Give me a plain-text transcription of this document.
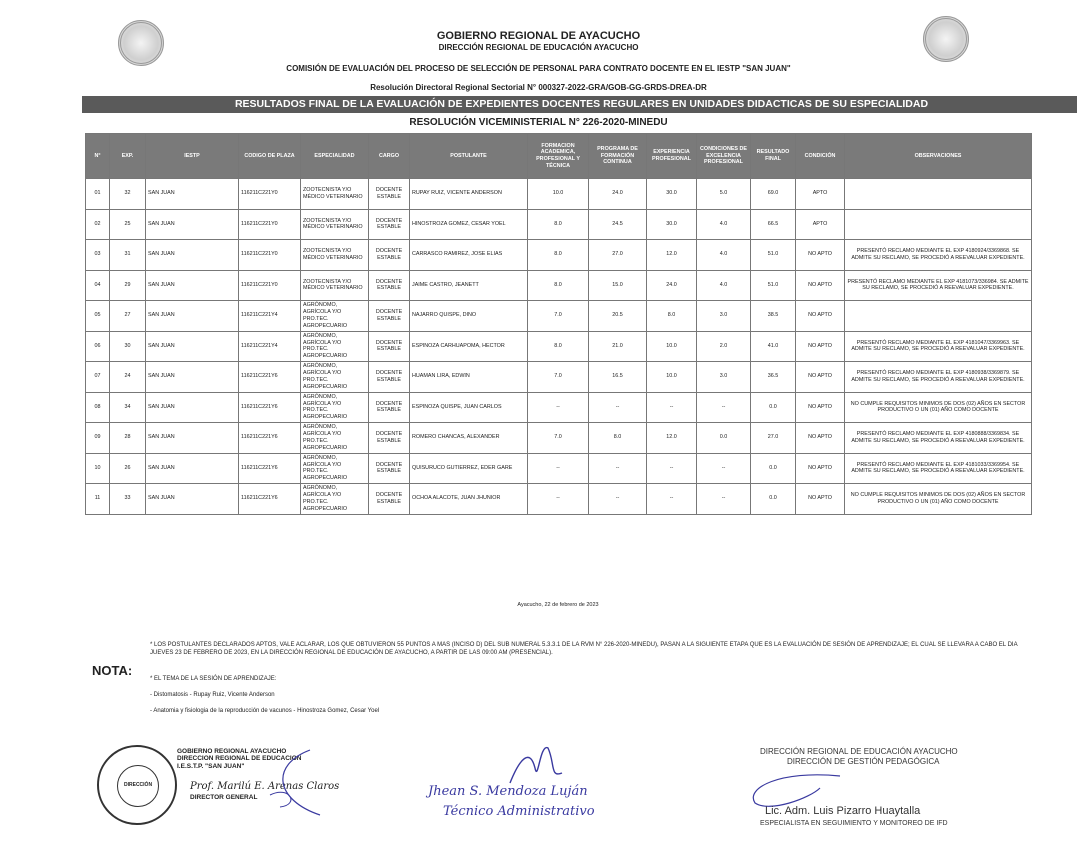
GOBIERNO REGIONAL DE AYACUCHO
DIRECCIÓN REGIONAL DE EDUCACIÓN AYACUCHO
COMISIÓN DE EVALUACIÓN DEL PROCESO DE SELECCIÓN DE PERSONAL PARA CONTRATO DOCENTE EN EL IESTP "SAN JUAN"
Resolución Directoral Regional Sectorial N° 000327-2022-GRA/GOB-GG-GRDS-DREA-DR
RESULTADOS FINAL DE LA EVALUACIÓN DE EXPEDIENTES DOCENTES REGULARES EN UNIDADES DIDACTICAS DE SU ESPECIALIDAD
RESOLUCIÓN VICEMINISTERIAL N° 226-2020-MINEDU
N°	EXP.	IESTP	CODIGO DE PLAZA	ESPECIALIDAD	CARGO	POSTULANTE	FORMACION ACADEMICA, PROFESIONAL Y TÉCNICA	PROGRAMA DE FORMACIÓN CONTINUA	EXPERIENCIA PROFESIONAL	CONDICIONES DE EXCELENCIA PROFESIONAL	RESULTADO FINAL	CONDICIÓN	OBSERVACIONES
01	32	SAN JUAN	116211C221Y0	ZOOTECNISTA Y/O MÉDICO VETERINARIO	DOCENTE ESTABLE	RUPAY RUIZ, VICENTE ANDERSON	10.0	24.0	30.0	5.0	69.0	APTO	
02	25	SAN JUAN	116211C221Y0	ZOOTECNISTA Y/O MÉDICO VETERINARIO	DOCENTE ESTABLE	HINOSTROZA GOMEZ, CESAR YOEL	8.0	24.5	30.0	4.0	66.5	APTO	
03	31	SAN JUAN	116211C221Y0	ZOOTECNISTA Y/O MÉDICO VETERINARIO	DOCENTE ESTABLE	CARRASCO RAMIREZ, JOSE ELIAS	8.0	27.0	12.0	4.0	51.0	NO APTO	PRESENTÓ RECLAMO MEDIANTE EL EXP 4180924/3369868. SE ADMITE SU RECLAMO, SE PROCEDIÓ A REEVALUAR EXPEDIENTE.
04	29	SAN JUAN	116211C221Y0	ZOOTECNISTA Y/O MÉDICO VETERINARIO	DOCENTE ESTABLE	JAIME CASTRO, JEANETT	8.0	15.0	24.0	4.0	51.0	NO APTO	PRESENTÓ RECLAMO MEDIANTE EL EXP 4181073/336984. SE ADMITE SU RECLAMO, SE PROCEDIÓ A REEVALUAR EXPEDIENTE.
05	27	SAN JUAN	116211C221Y4	AGRÓNOMO, AGRÍCOLA Y/O PRO.TEC. AGROPECUARIO	DOCENTE ESTABLE	NAJARRO QUISPE, DINO	7.0	20.5	8.0	3.0	38.5	NO APTO	
06	30	SAN JUAN	116211C221Y4	AGRÓNOMO, AGRÍCOLA Y/O PRO.TEC. AGROPECUARIO	DOCENTE ESTABLE	ESPINOZA CARHUAPOMA, HECTOR	8.0	21.0	10.0	2.0	41.0	NO APTO	PRESENTÓ RECLAMO MEDIANTE EL EXP 4181047/3369963. SE ADMITE SU RECLAMO, SE PROCEDIÓ A REEVALUAR EXPEDIENTE.
07	24	SAN JUAN	116211C221Y6	AGRÓNOMO, AGRÍCOLA Y/O PRO.TEC. AGROPECUARIO	DOCENTE ESTABLE	HUAMAN LIRA, EDWIN	7.0	16.5	10.0	3.0	36.5	NO APTO	PRESENTÓ RECLAMO MEDIANTE EL EXP 4180938/3369879. SE ADMITE SU RECLAMO, SE PROCEDIÓ A REEVALUAR EXPEDIENTE.
08	34	SAN JUAN	116211C221Y6	AGRÓNOMO, AGRÍCOLA Y/O PRO.TEC. AGROPECUARIO	DOCENTE ESTABLE	ESPINOZA QUISPE, JUAN CARLOS	--	--	--	--	0.0	NO APTO	NO CUMPLE REQUISITOS MINIMOS DE DOS (02) AÑOS EN SECTOR PRODUCTIVO O UN (01) AÑO COMO DOCENTE
09	28	SAN JUAN	116211C221Y6	AGRÓNOMO, AGRÍCOLA Y/O PRO.TEC. AGROPECUARIO	DOCENTE ESTABLE	ROMERO CHANCAS, ALEXANDER	7.0	8.0	12.0	0.0	27.0	NO APTO	PRESENTÓ RECLAMO MEDIANTE EL EXP 4180888/3369834. SE ADMITE SU RECLAMO, SE PROCEDIÓ A REEVALUAR EXPEDIENTE.
10	26	SAN JUAN	116211C221Y6	AGRÓNOMO, AGRÍCOLA Y/O PRO.TEC. AGROPECUARIO	DOCENTE ESTABLE	QUISURUCO GUTIERREZ, EDER GARE	--	--	--	--	0.0	NO APTO	PRESENTÓ RECLAMO MEDIANTE EL EXP 4181033/3369954. SE ADMITE SU RECLAMO, SE PROCEDIÓ A REEVALUAR EXPEDIENTE.
11	33	SAN JUAN	116211C221Y6	AGRÓNOMO, AGRÍCOLA Y/O PRO.TEC. AGROPECUARIO	DOCENTE ESTABLE	OCHOA ALACOTE, JUAN JHUNIOR	--	--	--	--	0.0	NO APTO	NO CUMPLE REQUISITOS MINIMOS DE DOS (02) AÑOS EN SECTOR PRODUCTIVO O UN (01) AÑO COMO DOCENTE
Ayacucho, 22 de febrero de 2023
* LOS POSTULANTES DECLARADOS APTOS, VALE ACLARAR, LOS QUE OBTUVIERON 55 PUNTOS A MAS (INCISO D) DEL SUB NUMERAL 5.3.3.1 DE LA RVM N° 226-2020-MINEDU), PASAN A LA SIGUIENTE ETAPA QUE ES LA EVALUACIÓN DE SESIÓN DE APRENDIZAJE; EL CUAL SE LLEVARA A CABO EL DIA JUEVES 23 DE FEBRERO DE 2023, EN LA DIRECCIÓN REGIONAL DE EDUCACIÓN DE AYACUCHO, A PARTIR DE LAS 09:00 AM (PRESENCIAL).
NOTA:
* EL TEMA DE LA SESIÓN DE APRENDIZAJE:
- Distomatosis - Rupay Ruiz, Vicente Anderson
- Anatomia y fisiologia de la reproducción de vacunos - Hinostroza Gomez, Cesar Yoel
DIRECCIÓN
GOBIERNO REGIONAL AYACUCHO
DIRECCION REGIONAL DE EDUCACION
I.E.S.T.P. "SAN JUAN"
Prof. Marilú E. Arenas Claros
DIRECTOR GENERAL	Jhean S. Mendoza Luján
Técnico Administrativo
DIRECCIÓN REGIONAL DE EDUCACIÓN AYACUCHO
DIRECCIÓN DE GESTIÓN PEDAGÓGICA
Lic. Adm. Luis Pizarro Huaytalla
ESPECIALISTA EN SEGUIMIENTO Y MONITOREO DE IFD
